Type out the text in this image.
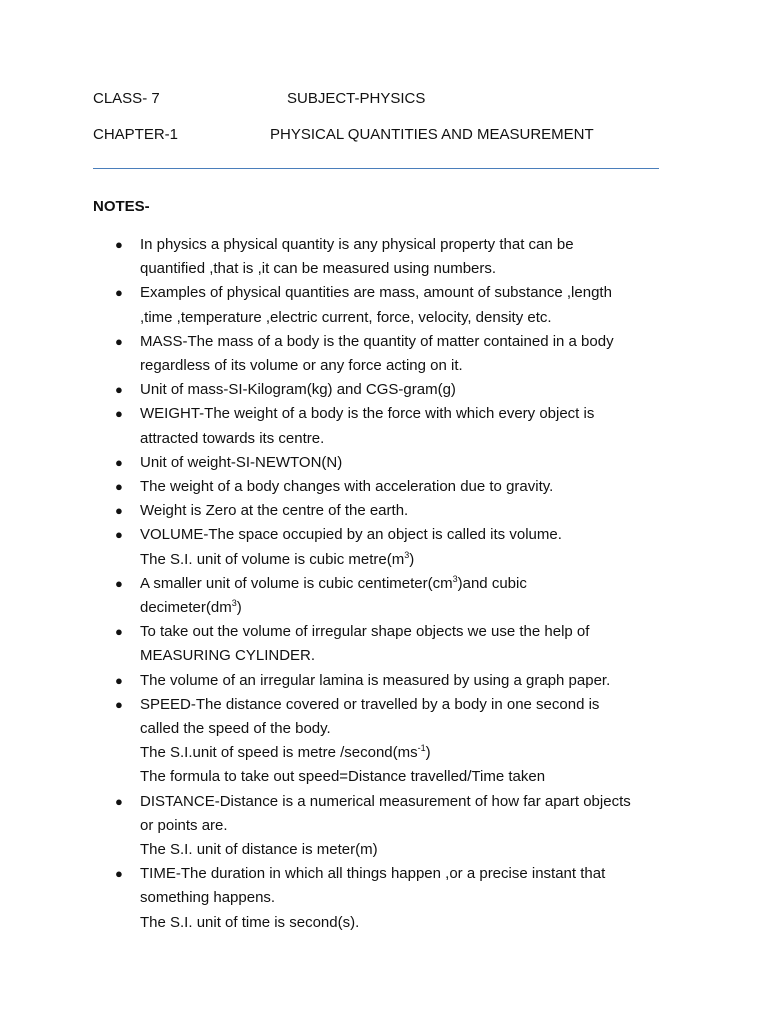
CLASS- 7	SUBJECT-PHYSICS
CHAPTER-1	PHYSICAL QUANTITIES AND MEASUREMENT
NOTES-
● In physics a physical quantity is any physical property that can be
quantified ,that is ,it can be measured using numbers.
● Examples of physical quantities are mass, amount of substance ,length
,time ,temperature ,electric current, force, velocity, density etc.
● MASS-The mass of a body is the quantity of matter contained in a body
regardless of its volume or any force acting on it.
● Unit of mass-SI-Kilogram(kg) and CGS-gram(g)
● WEIGHT-The weight of a body is the force with which every object is
attracted towards its centre.
● Unit of weight-SI-NEWTON(N)
● The weight of a body changes with acceleration due to gravity.
● Weight is Zero at the centre of the earth.
● VOLUME-The space occupied by an object is called its volume.
The S.I. unit of volume is cubic $metre(m^3)$
● A smaller unit of volume is cubic $centimeter(cm^3)and$ cubic
$decimeter(dm^3)$
● To take out the volume of irregular shape objects we use the help of
MEASURING CYLINDER.
● The volume of an irregular lamina is measured by using a graph paper.
● SPEED-The distance covered or travelled by a body in one second is
called the speed of the body.
The S.I.unit of speed is metre $/second(ms^{-1})$
The formula to take out speed=Distance travelled/Time taken
● DISTANCE-Distance is a numerical measurement of how far apart objects
or points are.
The S.I. unit of distance is meter(m)
● TIME-The duration in which all things happen ,or a precise instant that
something happens.
The S.I. unit of time is second(s).
